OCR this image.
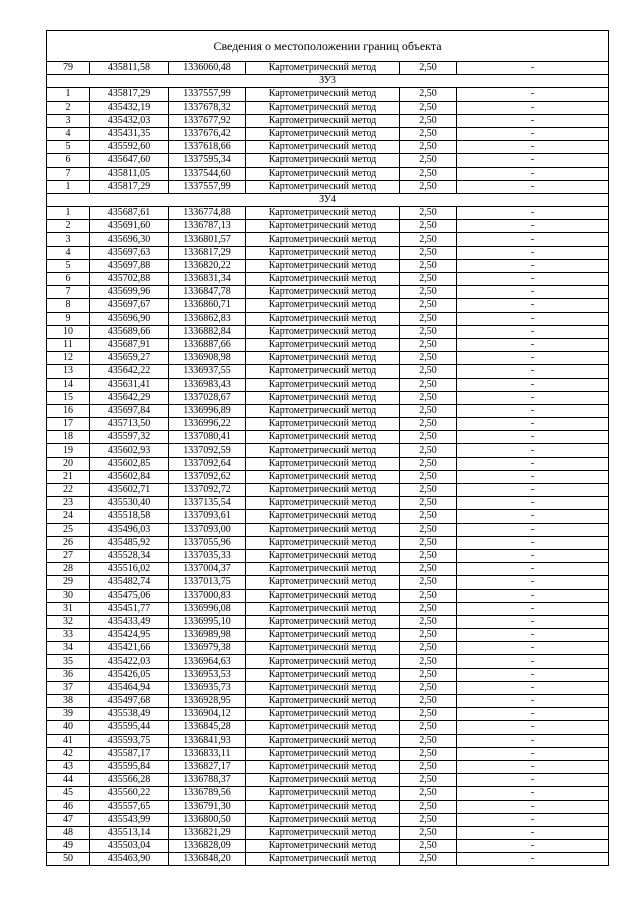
Сведения о местоположении границ объекта					
79	435811,58	1336060,48	Картометрический метод	2,50	-
ЗУ3					
1	435817,29	1337557,99	Картометрический метод	2,50	-
2	435432,19	1337678,32	Картометрический метод	2,50	-
3	435432,03	1337677,92	Картометрический метод	2,50	-
4	435431,35	1337676,42	Картометрический метод	2,50	-
5	435592,60	1337618,66	Картометрический метод	2,50	-
6	435647,60	1337595,34	Картометрический метод	2,50	-
7	435811,05	1337544,60	Картометрический метод	2,50	-
1	435817,29	1337557,99	Картометрический метод	2,50	-
ЗУ4					
1	435687,61	1336774,88	Картометрический метод	2,50	-
2	435691,60	1336787,13	Картометрический метод	2,50	-
3	435696,30	1336801,57	Картометрический метод	2,50	-
4	435697,63	1336817,29	Картометрический метод	2,50	-
5	435697,88	1336820,22	Картометрический метод	2,50	-
6	435702,88	1336831,34	Картометрический метод	2,50	-
7	435699,96	1336847,78	Картометрический метод	2,50	-
8	435697,67	1336860,71	Картометрический метод	2,50	-
9	435696,90	1336862,83	Картометрический метод	2,50	-
10	435689,66	1336882,84	Картометрический метод	2,50	-
11	435687,91	1336887,66	Картометрический метод	2,50	-
12	435659,27	1336908,98	Картометрический метод	2,50	-
13	435642,22	1336937,55	Картометрический метод	2,50	-
14	435631,41	1336983,43	Картометрический метод	2,50	-
15	435642,29	1337028,67	Картометрический метод	2,50	-
16	435697,84	1336996,89	Картометрический метод	2,50	-
17	435713,50	1336996,22	Картометрический метод	2,50	-
18	435597,32	1337080,41	Картометрический метод	2,50	-
19	435602,93	1337092,59	Картометрический метод	2,50	-
20	435602,85	1337092,64	Картометрический метод	2,50	-
21	435602,84	1337092,62	Картометрический метод	2,50	-
22	435602,71	1337092,72	Картометрический метод	2,50	-
23	435530,40	1337135,54	Картометрический метод	2,50	-
24	435518,58	1337093,61	Картометрический метод	2,50	-
25	435496,03	1337093,00	Картометрический метод	2,50	-
26	435485,92	1337055,96	Картометрический метод	2,50	-
27	435528,34	1337035,33	Картометрический метод	2,50	-
28	435516,02	1337004,37	Картометрический метод	2,50	-
29	435482,74	1337013,75	Картометрический метод	2,50	-
30	435475,06	1337000,83	Картометрический метод	2,50	-
31	435451,77	1336996,08	Картометрический метод	2,50	-
32	435433,49	1336995,10	Картометрический метод	2,50	-
33	435424,95	1336989,98	Картометрический метод	2,50	-
34	435421,66	1336979,38	Картометрический метод	2,50	-
35	435422,03	1336964,63	Картометрический метод	2,50	-
36	435426,05	1336953,53	Картометрический метод	2,50	-
37	435464,94	1336935,73	Картометрический метод	2,50	-
38	435497,68	1336928,95	Картометрический метод	2,50	-
39	435538,49	1336904,12	Картометрический метод	2,50	-
40	435595,44	1336845,28	Картометрический метод	2,50	-
41	435593,75	1336841,93	Картометрический метод	2,50	-
42	435587,17	1336833,11	Картометрический метод	2,50	-
43	435595,84	1336827,17	Картометрический метод	2,50	-
44	435566,28	1336788,37	Картометрический метод	2,50	-
45	435560,22	1336789,56	Картометрический метод	2,50	-
46	435557,65	1336791,30	Картометрический метод	2,50	-
47	435543,99	1336800,50	Картометрический метод	2,50	-
48	435513,14	1336821,29	Картометрический метод	2,50	-
49	435503,04	1336828,09	Картометрический метод	2,50	-
50	435463,90	1336848,20	Картометрический метод	2,50	-
